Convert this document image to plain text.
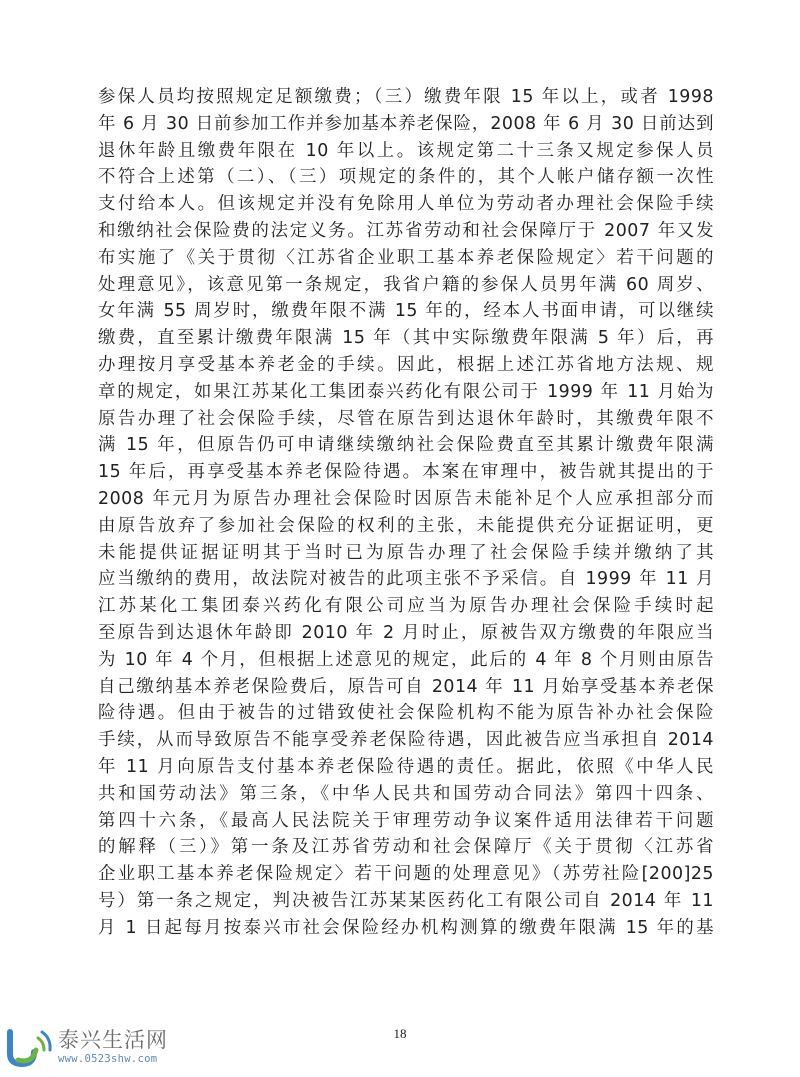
参保人员均按照规定足额缴费；（三）缴费年限 15 年以上，或者 1998
年 6 月 30 日前参加工作并参加基本养老保险，2008 年 6 月 30 日前达到
退休年龄且缴费年限在 10 年以上。该规定第二十三条又规定参保人员
不符合上述第（二）、（三）项规定的条件的，其个人帐户储存额一次性
支付给本人。但该规定并没有免除用人单位为劳动者办理社会保险手续
和缴纳社会保险费的法定义务。江苏省劳动和社会保障厅于 2007 年又发
布实施了《关于贯彻〈江苏省企业职工基本养老保险规定〉若干问题的
处理意见》，该意见第一条规定，我省户籍的参保人员男年满 60 周岁、
女年满 55 周岁时，缴费年限不满 15 年的，经本人书面申请，可以继续
缴费，直至累计缴费年限满 15 年（其中实际缴费年限满 5 年）后，再
办理按月享受基本养老金的手续。因此，根据上述江苏省地方法规、规
章的规定，如果江苏某化工集团泰兴药化有限公司于 1999 年 11 月始为
原告办理了社会保险手续，尽管在原告到达退休年龄时，其缴费年限不
满 15 年，但原告仍可申请继续缴纳社会保险费直至其累计缴费年限满
15 年后，再享受基本养老保险待遇。本案在审理中，被告就其提出的于
2008 年元月为原告办理社会保险时因原告未能补足个人应承担部分而
由原告放弃了参加社会保险的权利的主张，未能提供充分证据证明，更
未能提供证据证明其于当时已为原告办理了社会保险手续并缴纳了其
应当缴纳的费用，故法院对被告的此项主张不予采信。自 1999 年 11 月
江苏某化工集团泰兴药化有限公司应当为原告办理社会保险手续时起
至原告到达退休年龄即 2010 年 2 月时止，原被告双方缴费的年限应当
为 10 年 4 个月，但根据上述意见的规定，此后的 4 年 8 个月则由原告
自己缴纳基本养老保险费后，原告可自 2014 年 11 月始享受基本养老保
险待遇。但由于被告的过错致使社会保险机构不能为原告补办社会保险
手续，从而导致原告不能享受养老保险待遇，因此被告应当承担自 2014
年 11 月向原告支付基本养老保险待遇的责任。据此，依照《中华人民
共和国劳动法》第三条，《中华人民共和国劳动合同法》第四十四条、
第四十六条，《最高人民法院关于审理劳动争议案件适用法律若干问题
的解释（三）》第一条及江苏省劳动和社会保障厅《关于贯彻〈江苏省
企业职工基本养老保险规定〉若干问题的处理意见》（苏劳社险[200]25
号）第一条之规定，判决被告江苏某某医药化工有限公司自 2014 年 11
月 1 日起每月按泰兴市社会保险经办机构测算的缴费年限满 15 年的基
18
泰兴生活网
www.0523shw.com
